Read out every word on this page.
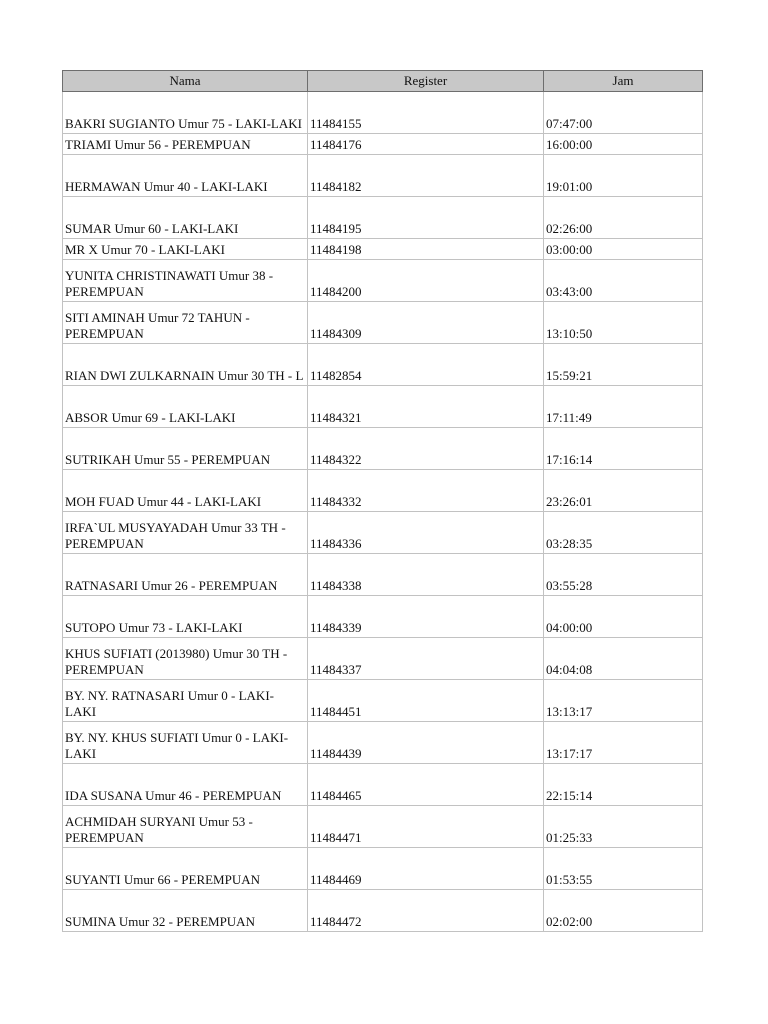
Nama	Register	Jam
BAKRI SUGIANTO Umur 75 - LAKI-LAKI	11484155	07:47:00
TRIAMI Umur 56 - PEREMPUAN	11484176	16:00:00
HERMAWAN Umur 40 - LAKI-LAKI	11484182	19:01:00
SUMAR Umur 60 - LAKI-LAKI	11484195	02:26:00
MR X Umur 70 - LAKI-LAKI	11484198	03:00:00
YUNITA CHRISTINAWATI Umur 38 - PEREMPUAN	11484200	03:43:00
SITI AMINAH Umur 72 TAHUN - PEREMPUAN	11484309	13:10:50
RIAN DWI ZULKARNAIN Umur 30 TH - L	11482854	15:59:21
ABSOR Umur 69 - LAKI-LAKI	11484321	17:11:49
SUTRIKAH Umur 55 - PEREMPUAN	11484322	17:16:14
MOH FUAD Umur 44 - LAKI-LAKI	11484332	23:26:01
IRFA`UL MUSYAYADAH Umur 33 TH - PEREMPUAN	11484336	03:28:35
RATNASARI Umur 26 - PEREMPUAN	11484338	03:55:28
SUTOPO Umur 73 - LAKI-LAKI	11484339	04:00:00
KHUS SUFIATI (2013980) Umur 30 TH - PEREMPUAN	11484337	04:04:08
BY. NY. RATNASARI Umur 0 - LAKI-LAKI	11484451	13:13:17
BY. NY. KHUS SUFIATI Umur 0 - LAKI-LAKI	11484439	13:17:17
IDA SUSANA Umur 46 - PEREMPUAN	11484465	22:15:14
ACHMIDAH SURYANI Umur 53 - PEREMPUAN	11484471	01:25:33
SUYANTI Umur 66 - PEREMPUAN	11484469	01:53:55
SUMINA Umur 32 - PEREMPUAN	11484472	02:02:00
